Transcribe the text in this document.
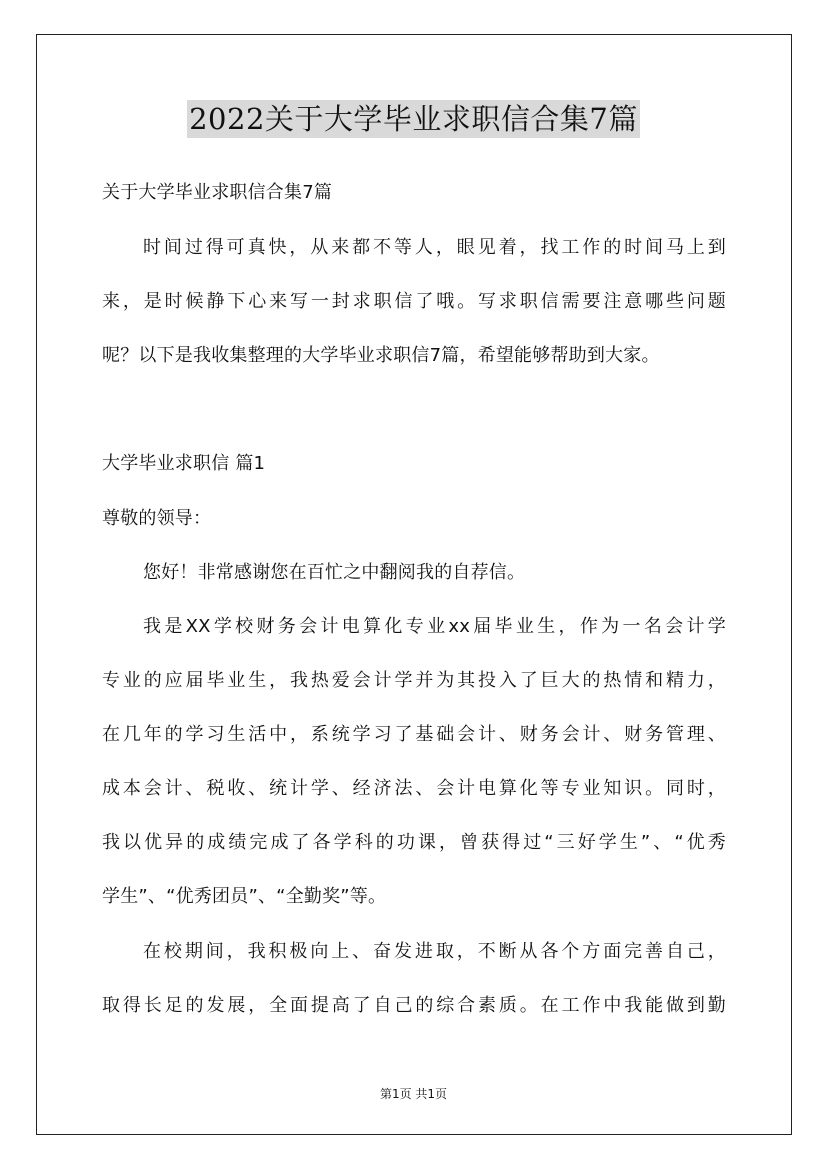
2022关于大学毕业求职信合集7篇
关于大学毕业求职信合集7篇
时间过得可真快，从来都不等人，眼见着，找工作的时间马上到
来，是时候静下心来写一封求职信了哦。写求职信需要注意哪些问题
呢？以下是我收集整理的大学毕业求职信7篇，希望能够帮助到大家。
大学毕业求职信 篇1
尊敬的领导：
您好！非常感谢您在百忙之中翻阅我的自荐信。
我是XX学校财务会计电算化专业xx届毕业生，作为一名会计学
专业的应届毕业生，我热爱会计学并为其投入了巨大的热情和精力，
在几年的学习生活中，系统学习了基础会计、财务会计、财务管理、
成本会计、税收、统计学、经济法、会计电算化等专业知识。同时，
我以优异的成绩完成了各学科的功课，曾获得过“三好学生”、“优秀
学生”、“优秀团员”、“全勤奖”等。
在校期间，我积极向上、奋发进取，不断从各个方面完善自己，
取得长足的发展，全面提高了自己的综合素质。在工作中我能做到勤
第1页 共1页
